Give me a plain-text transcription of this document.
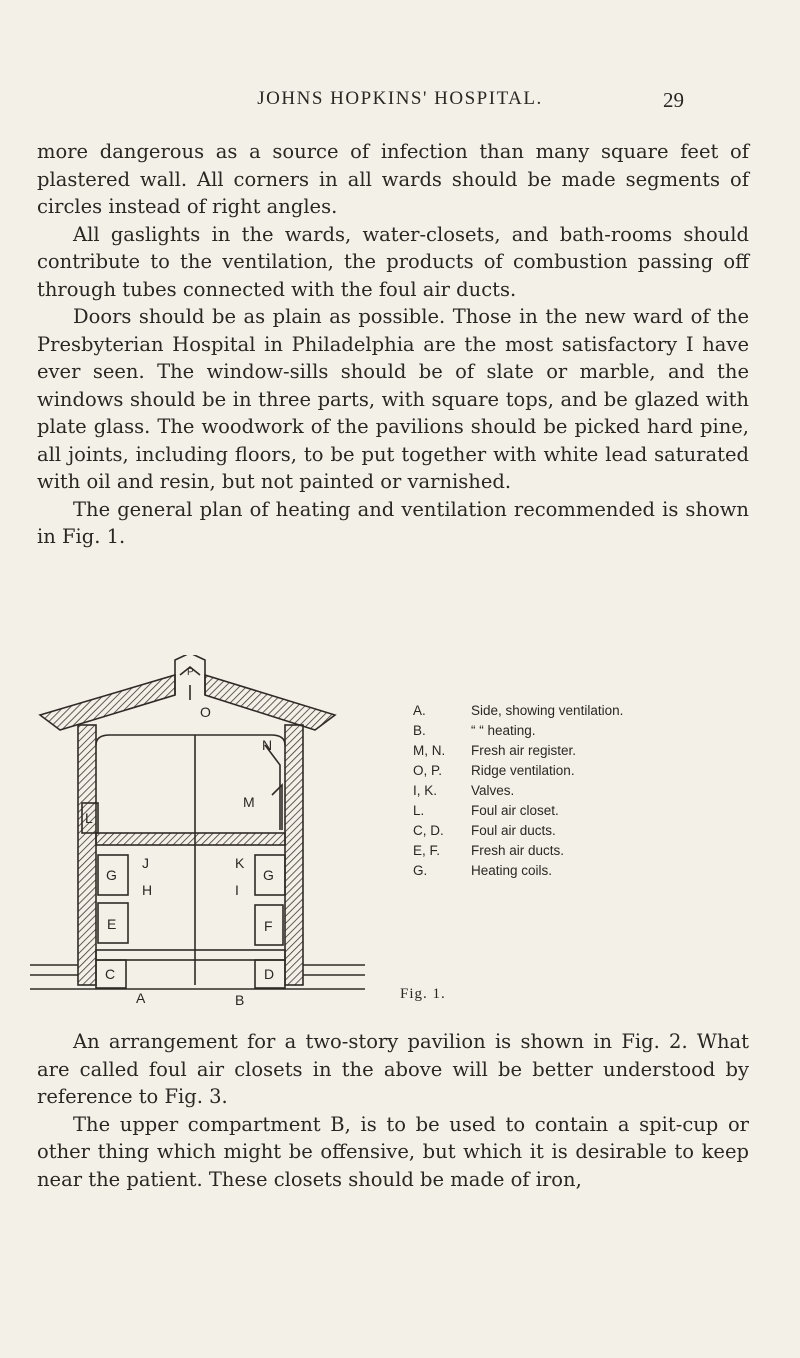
JOHNS HOPKINS' HOSPITAL.	29

more dangerous as a source of infection than many square feet of plastered wall. All corners in all wards should be made segments of circles instead of right angles.

All gaslights in the wards, water-closets, and bath-rooms should contribute to the ventilation, the products of combustion passing off through tubes connected with the foul air ducts.

Doors should be as plain as possible. Those in the new ward of the Presbyterian Hospital in Philadelphia are the most satisfactory I have ever seen. The window-sills should be of slate or marble, and the windows should be in three parts, with square tops, and be glazed with plate glass. The woodwork of the pavilions should be picked hard pine, all joints, including floors, to be put together with white lead saturated with oil and resin, but not painted or varnished.

The general plan of heating and ventilation recommended is shown in Fig. 1.

P
O
N
M
L
G
J
H
K
I
G
E	F
C	D
A	B
A.	Side, showing ventilation.
B.	“ “ heating.
M, N.	Fresh air register.
O, P.	Ridge ventilation.
I, K.	Valves.
L.	Foul air closet.
C, D.	Foul air ducts.
E, F.	Fresh air ducts.
G.	Heating coils.
Fig. 1.

An arrangement for a two-story pavilion is shown in Fig. 2. What are called foul air closets in the above will be better understood by reference to Fig. 3.

The upper compartment B, is to be used to contain a spit-cup or other thing which might be offensive, but which it is desirable to keep near the patient. These closets should be made of iron,
